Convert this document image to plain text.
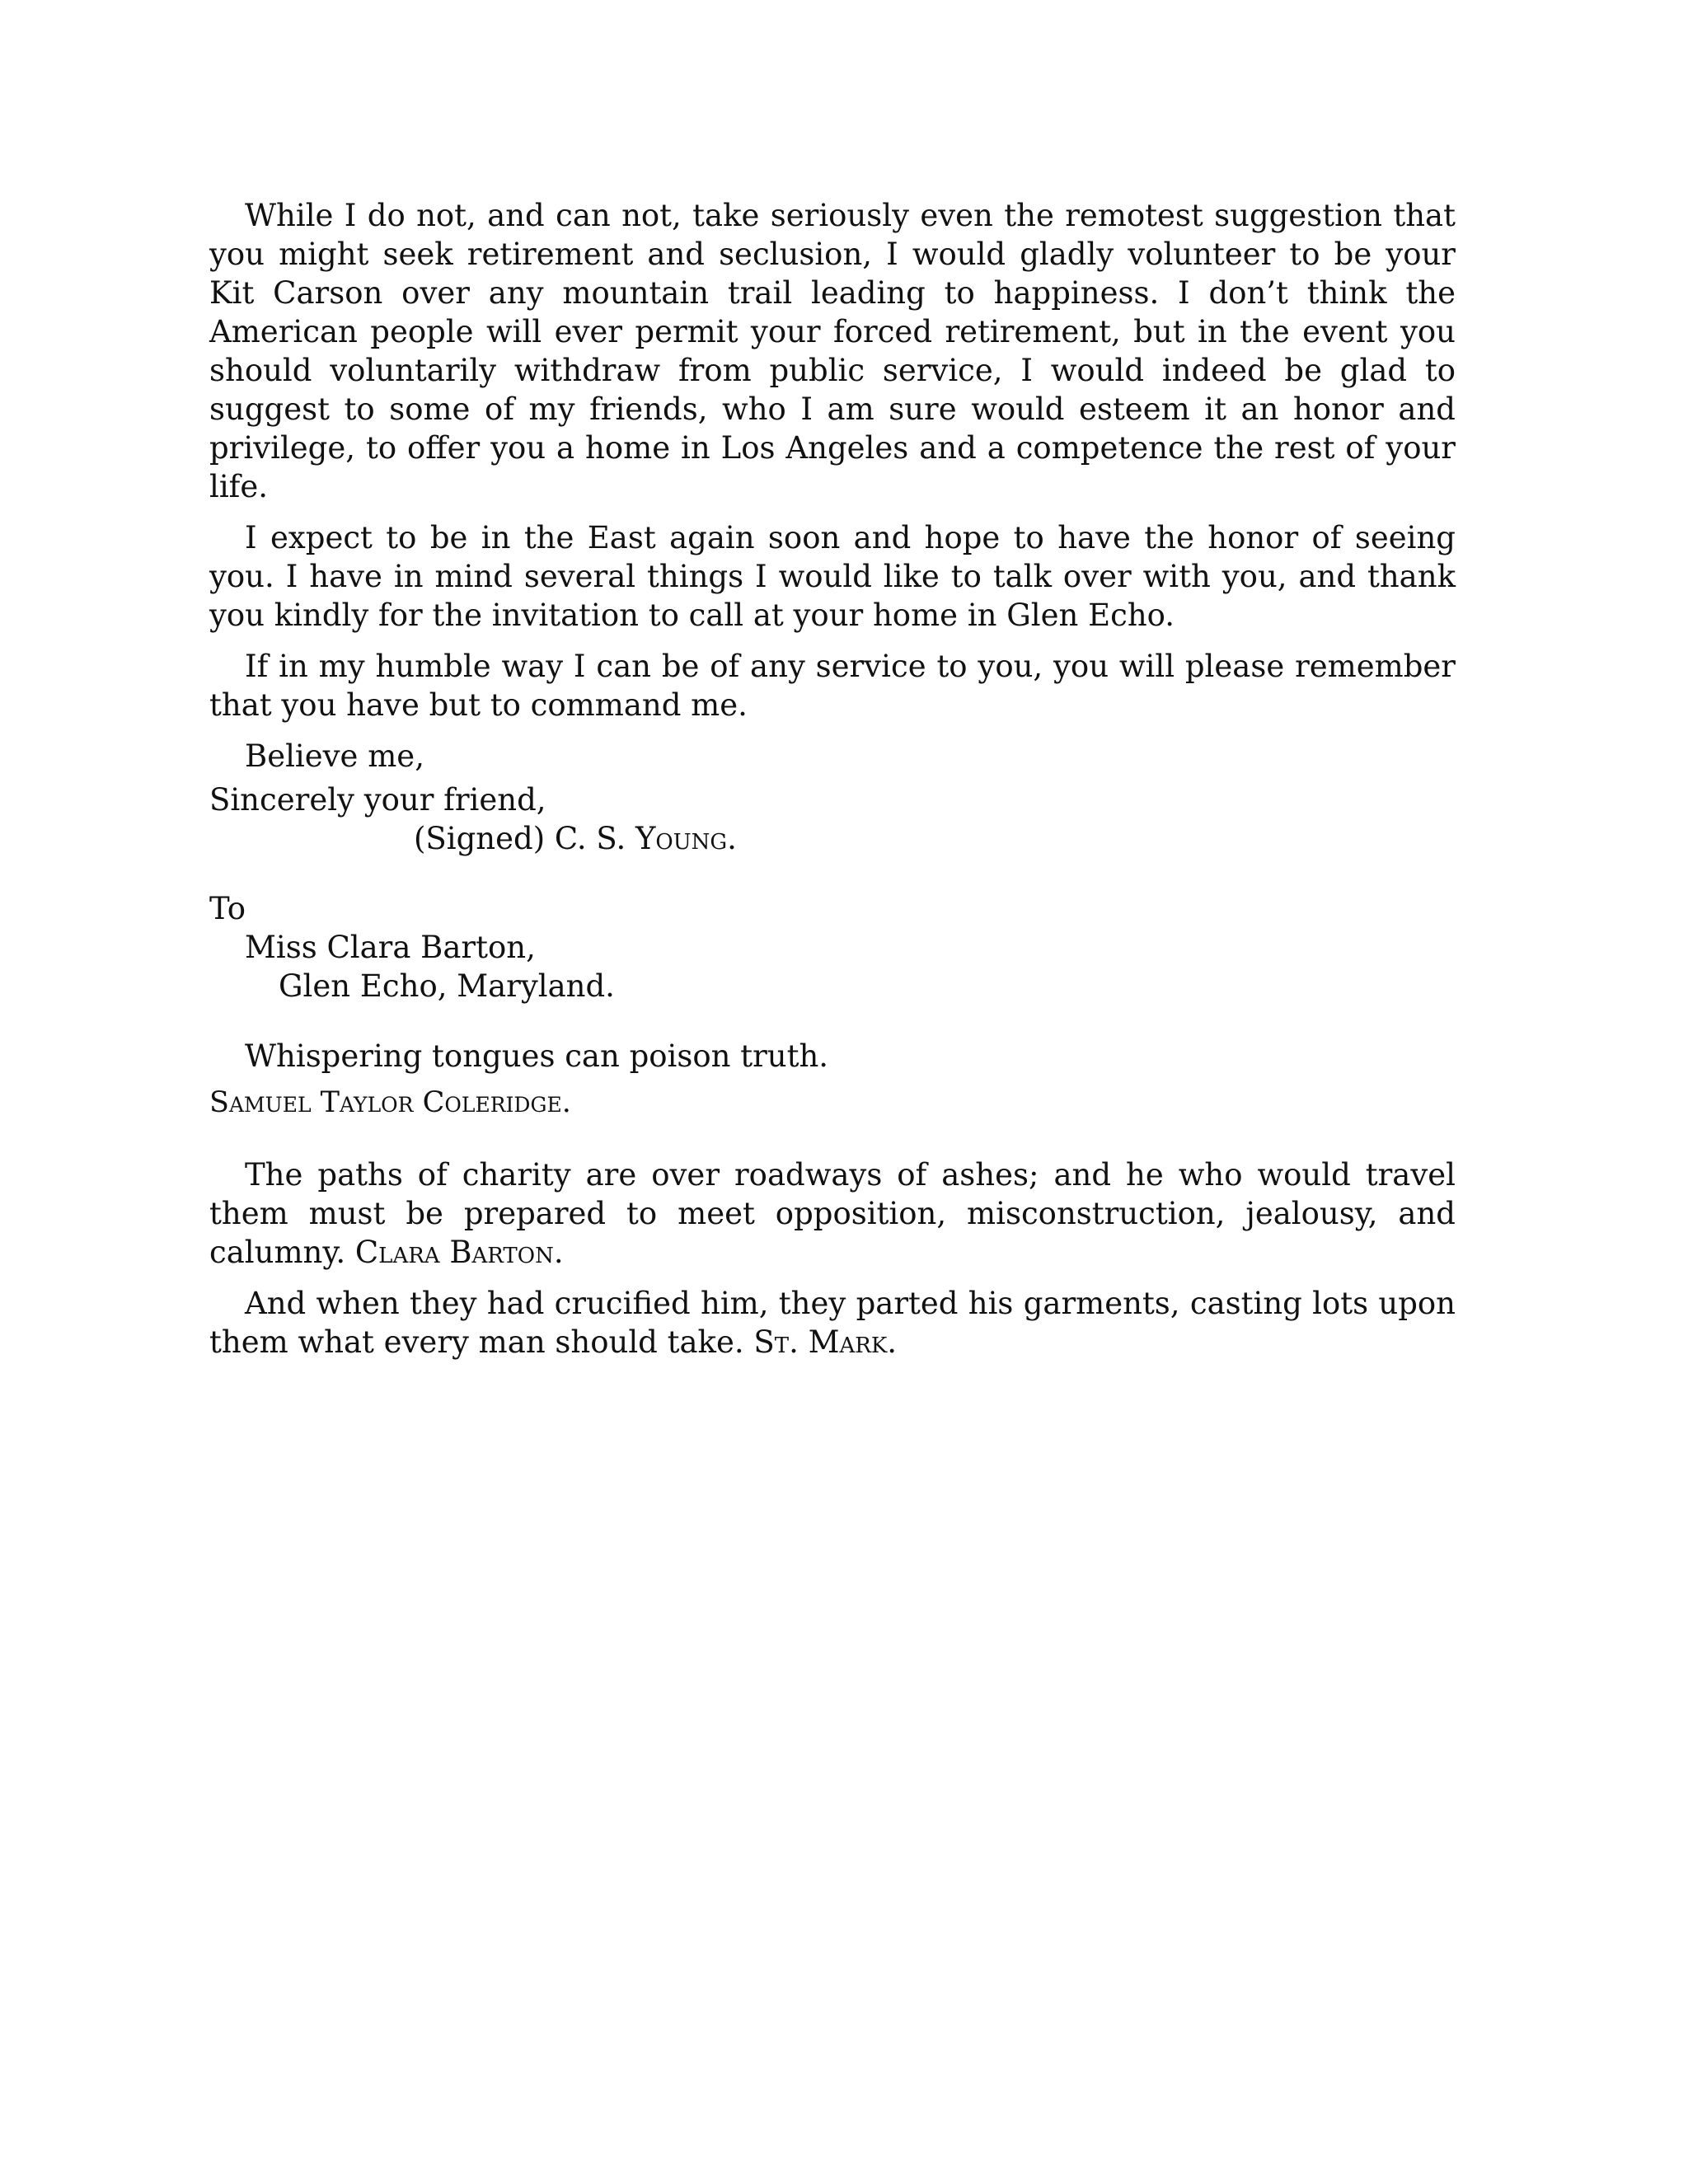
While I do not, and can not, take seriously even the remotest suggestion that you might seek retirement and seclusion, I would gladly volunteer to be your Kit Carson over any mountain trail leading to happiness. I don’t think the American people will ever permit your forced retirement, but in the event you should voluntarily withdraw from public service, I would indeed be glad to suggest to some of my friends, who I am sure would esteem it an honor and privilege, to offer you a home in Los Angeles and a competence the rest of your life.

I expect to be in the East again soon and hope to have the honor of seeing you. I have in mind several things I would like to talk over with you, and thank you kindly for the invitation to call at your home in Glen Echo.

If in my humble way I can be of any service to you, you will please remember that you have but to command me.

Believe me,

Sincerely your friend,

(Signed) C. S. Young.

To

Miss Clara Barton,

Glen Echo, Maryland.

Whispering tongues can poison truth.

Samuel Taylor Coleridge.

The paths of charity are over roadways of ashes; and he who would travel them must be prepared to meet opposition, misconstruction, jealousy, and calumny. Clara Barton.

And when they had crucified him, they parted his garments, casting lots upon them what every man should take. St. Mark.
